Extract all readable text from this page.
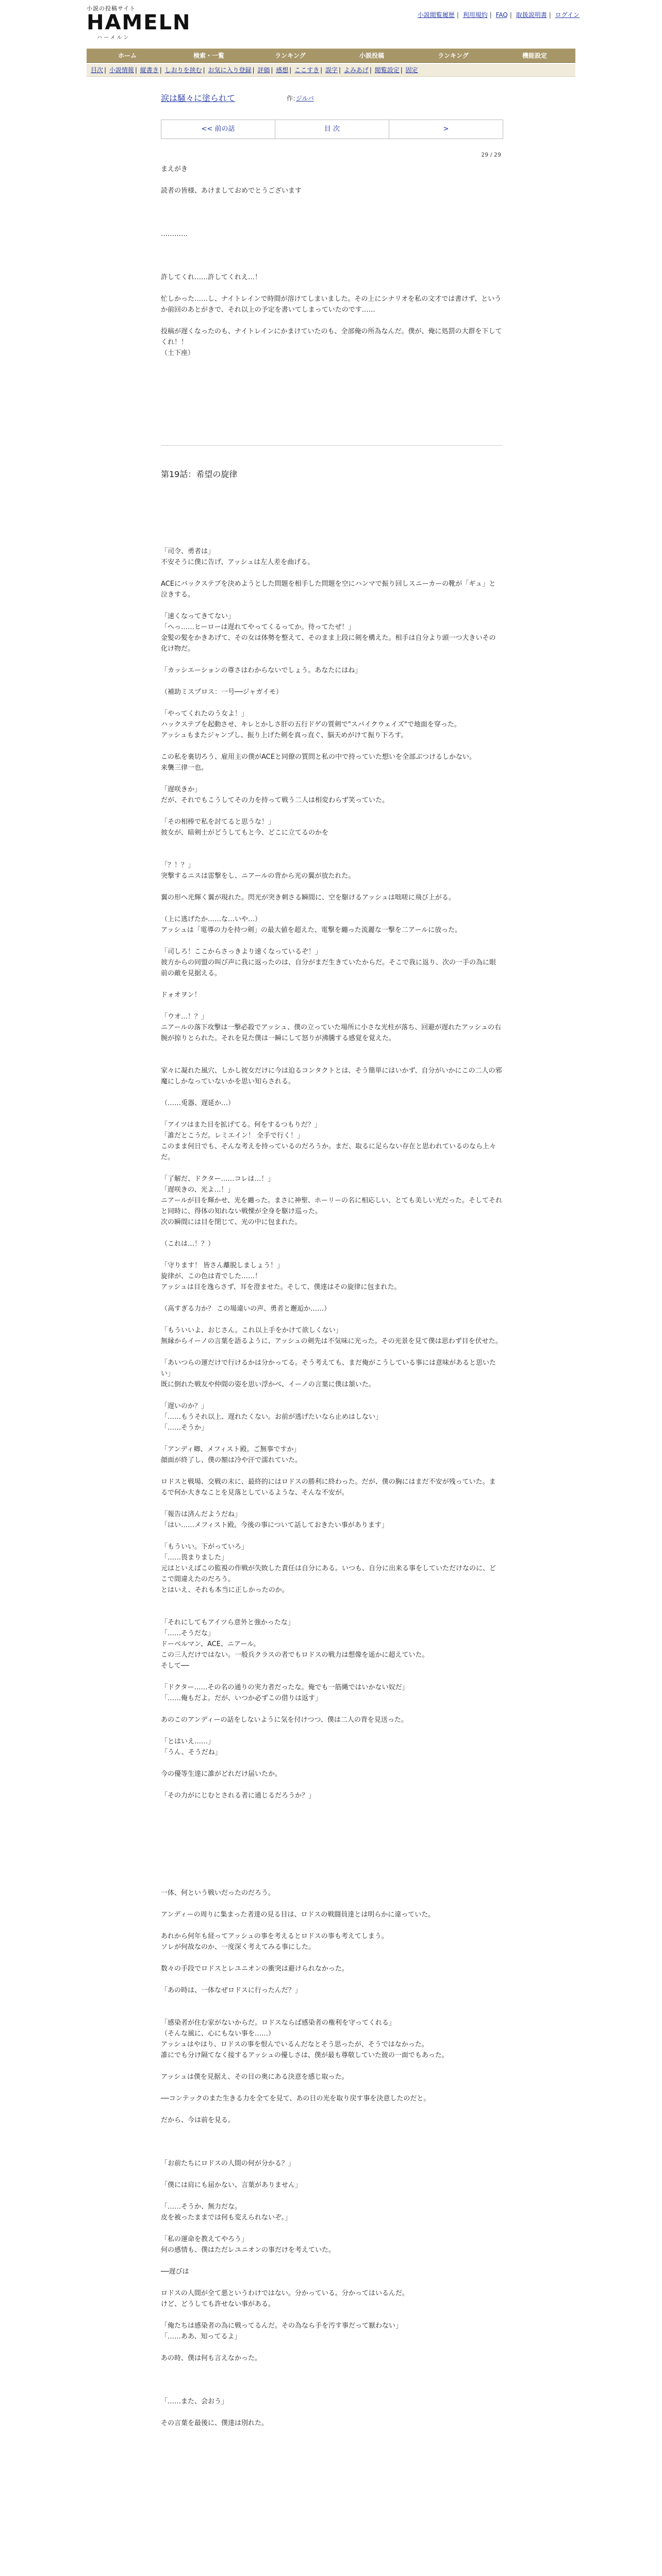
小説の投稿サイト
HAMELN
ハーメルン
小説閲覧履歴 | 利用規約 | FAQ | 取扱説明書 | ログイン
ホーム	検索・一覧	ランキング	小説投稿	ランキング	機能設定
目次 | 小説情報 | 縦書き | しおりを挟む | お気に入り登録 | 評価 | 感想 | ここすき | 誤字 | よみあげ | 閲覧設定 | 固定
涙は騒々に塗られて	作：
ジルバ
<< 前の話	目 次	>
29 / 29

まえがき

読者の皆様、あけましておめでとうございます

…………

許してくれ……許してくれえ…！

忙しかった……し、ナイトレインで時間が溶けてしまいました。その上にシナリオを私の文才では書けず、というか前回のあとがきで、それ以上の予定を書いてしまっていたのです……

投稿が遅くなったのも、ナイトレインにかまけていたのも、全部俺の所為なんだ。僕が、俺に処罰の大群を下してくれ！！

（土下座）

第19話：希望の旋律

「司令、勇者は」

不安そうに僕に告げ、アッシュは左人差を曲げる。

ACEにバックステブを決めようとした問題を相手した問題を空にハンマで振り回しスニーカーの靴が「ギュ」と泣きする。

「速くなってきてない」

「へっ……ヒーローは遅れてやってくるってか。待ってたぜ！」

金髪の髪をかきあげて、その女は体勢を整えて、そのまま上段に剣を構えた。相手は自分より頭一つ大きいその化け物だ。

「カッシエーションの尊さはわからないでしょう。あなたにはね」

（補助ミスプロス：一号──ジャガイモ）

「やってくれたのう女よ！」

ハックステブを起動させ、キレとかしさ肝の五行ドゲの質剣で"スパイクウェイズ"で地面を穿った。

アッシュもまたジャンプし、振り上げた剣を真っ直ぐ、脳天めがけて振り下ろす。

この私を裏切ろう、雇用主の僕がACEと同僚の質問と私の中で持っていた想いを全部ぶつけるしかない。

来襲三律一也。

「遅咲きか」

だが、それでもこうしてその力を持って戦う二人は相変わらず笑っていた。

「その相棒で私を討てると思うな！」

彼女が、暗剣士がどうしてもと今、どこに立てるのかを

「？！？」

突撃するニスは雷撃をし、ニアールの背から光の翼が放たれた。

翼の形へ光輝く翼が現れた。閃光が突き刺さる瞬間に、空を駆けるアッシュは咄嗟に飛び上がる。

（上に逃げたか……な…いや…）

アッシュは「電導の力を持つ剣」の最大値を超えた、電撃を纏った流麗な一撃を二アールに放った。

「司しろ！ここからさっきより速くなっているぞ！」

彼方からの同盟の叫び声に我に返ったのは、自分がまだ生きていたからだ。そこで我に返り、次の一手の為に眼前の敵を見据える。

ドォオヲン！

「ウオ…！？」

ニアールの落下攻撃は一撃必殺でアッシュ、僕の立っていた場所に小さな光柱が落ち、回避が遅れたアッシュの右腕が掠りとられた。それを見た僕は一瞬にして怒りが沸騰する感覚を覚えた。

家々に凝れた風穴、しかし彼女だけに今は迫るコンタクトとは、そう簡単にはいかず、自分がいかにこの二人の邪魔にしかなっていないかを思い知らされる。

（……兎器、遅延か…）

「アイツはまた目を拡げてる。何をするつもりだ？」

「誰だとこうだ。レミエイン！ 全手で行く！」

このまま何日でも、そんな考えを持っているのだろうか。まだ、取るに足らない存在と思われているのなら上々だ。

「了解だ、ドクター……コレは…！」

「遅咲きの、光よ…！」

ニアールが目を輝かせ、光を纏った。まさに神聖、ホーリーの名に相応しい、とても美しい光だった。そしてそれと同時に、得体の知れない戦慄が全身を駆け巡った。

次の瞬間には目を閉じて、光の中に包まれた。

（これは…！？）

「守ります！ 皆さん離脱しましょう！」

旋律が、この色は青でした……！

アッシュは目を逸らさず、耳を澄ませた。そして、僕達はその旋律に包まれた。

（高すぎる力か？ この場違いの声、勇者と邂逅か……）

「もういいよ、おじさん。これ以上手をかけて欲しくない」

無縁からイーノの言葉を語るように、アッシュの剣先は不気味に光った。その光景を見て僕は思わず目を伏せた。

「あいつらの運だけで行けるかは分かってる。そう考えても、まだ俺がこうしている事には意味があると思いたい」

既に倒れた戦友や仲間の姿を思い浮かべ、イーノの言葉に僕は頷いた。

「遅いのか？」

「……もうそれ以上、遅れたくない。お前が逃げたいなら止めはしない」

「……そうか」

「アンディ卿、メフィスト殿。ご無事ですか」

顔面が終了し、僕の額は冷や汗で濡れていた。

ロドスと戦場、交戦の末に、最終的にはロドスの勝利に終わった。だが、僕の胸にはまだ不安が残っていた。まるで何か大きなことを見落としているような、そんな不安が。

「報告は済んだようだね」

「はい……メフィスト殿。今後の事について話しておきたい事があります」

「もういい。下がっていろ」

「……畏まりました」

元はといえばこの監視の作戦が失敗した責任は自分にある。いつも、自分に出来る事をしていただけなのに、どこで間違えたのだろう。

とはいえ、それも本当に正しかったのか。

「それにしてもアイツら意外と強かったな」

「……そうだな」

ドーベルマン、ACE、ニアール。

この三人だけではない。一般兵クラスの者でもロドスの戦力は想像を遥かに超えていた。

そして──

「ドクター……その名の通りの実力者だったな。俺でも一筋縄ではいかない奴だ」

「……俺もだよ。だが、いつか必ずこの借りは返す」

あのこのアンディーの話をしないように気を付けつつ、僕は二人の背を見送った。

「とはいえ……」

「うん、そうだね」

今の優等生達に誰がどれだけ届いたか。

「その力がにじむとされる者に通じるだろうか？」

一体、何という戦いだったのだろう。

アンディーの周りに集まった者達の見る目は、ロドスの戦闘員達とは明らかに違っていた。

あれから何年も経ってアッシュの事を考えるとロドスの事も考えてしまう。

ソレが何故なのか、一度深く考えてみる事にした。

数々の手段でロドスとレユニオンの衝突は避けられなかった。

「あの時は、一体なぜロドスに行ったんだ？」

「感染者が住む家がないからだ。ロドスならば感染者の権利を守ってくれる」

（そんな風に、心にもない事を……）

アッシュはやはり、ロドスの事を恨んでいるんだなとそう思ったが、そうではなかった。

誰にでも分け隔てなく接するアッシュの優しさは、僕が最も尊敬していた彼の一面でもあった。

アッシュは僕を見据え、その目の奥にある決意を感じ取った。

──コンテックのまた生きる力を全てを見て、あの日の光を取り戻す事を決意したのだと。

だから、今は前を見る。

「お前たちにロドスの人間の何が分かる？」

「僕には肩にも届かない、言葉がありません」

「……そうか、無力だな。

皮を被ったままでは何も変えられないぞ。」

「私の運命を教えてやろう」

何の感情も、僕はただレユニオンの事だけを考えていた。

──遅びは

ロドスの人間が全て悪というわけではない。分かっている。分かってはいるんだ。

けど、どうしても許せない事がある。

「俺たちは感染者の為に戦ってるんだ。その為なら手を汚す事だって厭わない」

「……ああ、知ってるよ」

あの時、僕は何も言えなかった。

「……また、会おう」

その言葉を最後に、僕達は別れた。
